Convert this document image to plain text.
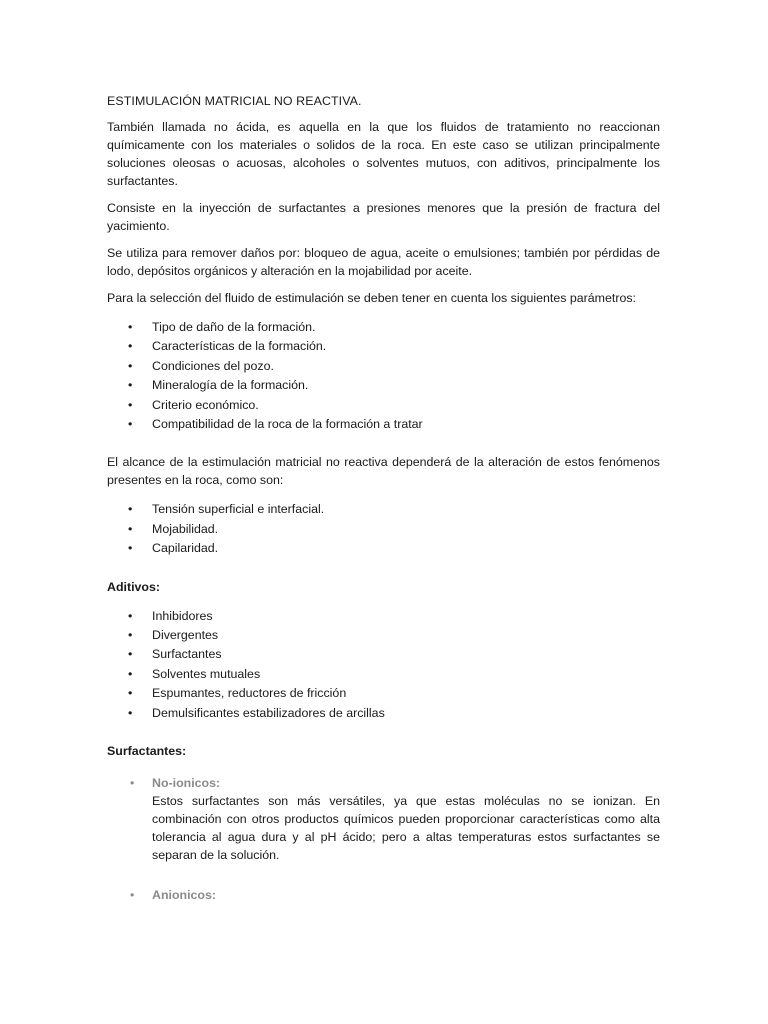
ESTIMULACIÓN MATRICIAL NO REACTIVA.

También llamada no ácida, es aquella en la que los fluidos de tratamiento no reaccionan químicamente con los materiales o solidos de la roca. En este caso se utilizan principalmente soluciones oleosas o acuosas, alcoholes o solventes mutuos, con aditivos, principalmente los surfactantes.

Consiste en la inyección de surfactantes a presiones menores que la presión de fractura del yacimiento.

Se utiliza para remover daños por: bloqueo de agua, aceite o emulsiones; también por pérdidas de lodo, depósitos orgánicos y alteración en la mojabilidad por aceite.

Para la selección del fluido de estimulación se deben tener en cuenta los siguientes parámetros:

• Tipo de daño de la formación.
• Características de la formación.
• Condiciones del pozo.
• Mineralogía de la formación.
• Criterio económico.
• Compatibilidad de la roca de la formación a tratar

El alcance de la estimulación matricial no reactiva dependerá de la alteración de estos fenómenos presentes en la roca, como son:

• Tensión superficial e interfacial.
• Mojabilidad.
• Capilaridad.
Aditivos:
• Inhibidores
• Divergentes
• Surfactantes
• Solventes mutuales
• Espumantes, reductores de fricción
• Demulsificantes estabilizadores de arcillas
Surfactantes:
• No-ionicos:
Estos surfactantes son más versátiles, ya que estas moléculas no se ionizan. En combinación con otros productos químicos pueden proporcionar características como alta tolerancia al agua dura y al pH ácido; pero a altas temperaturas estos surfactantes se separan de la solución.
• Anionicos:
